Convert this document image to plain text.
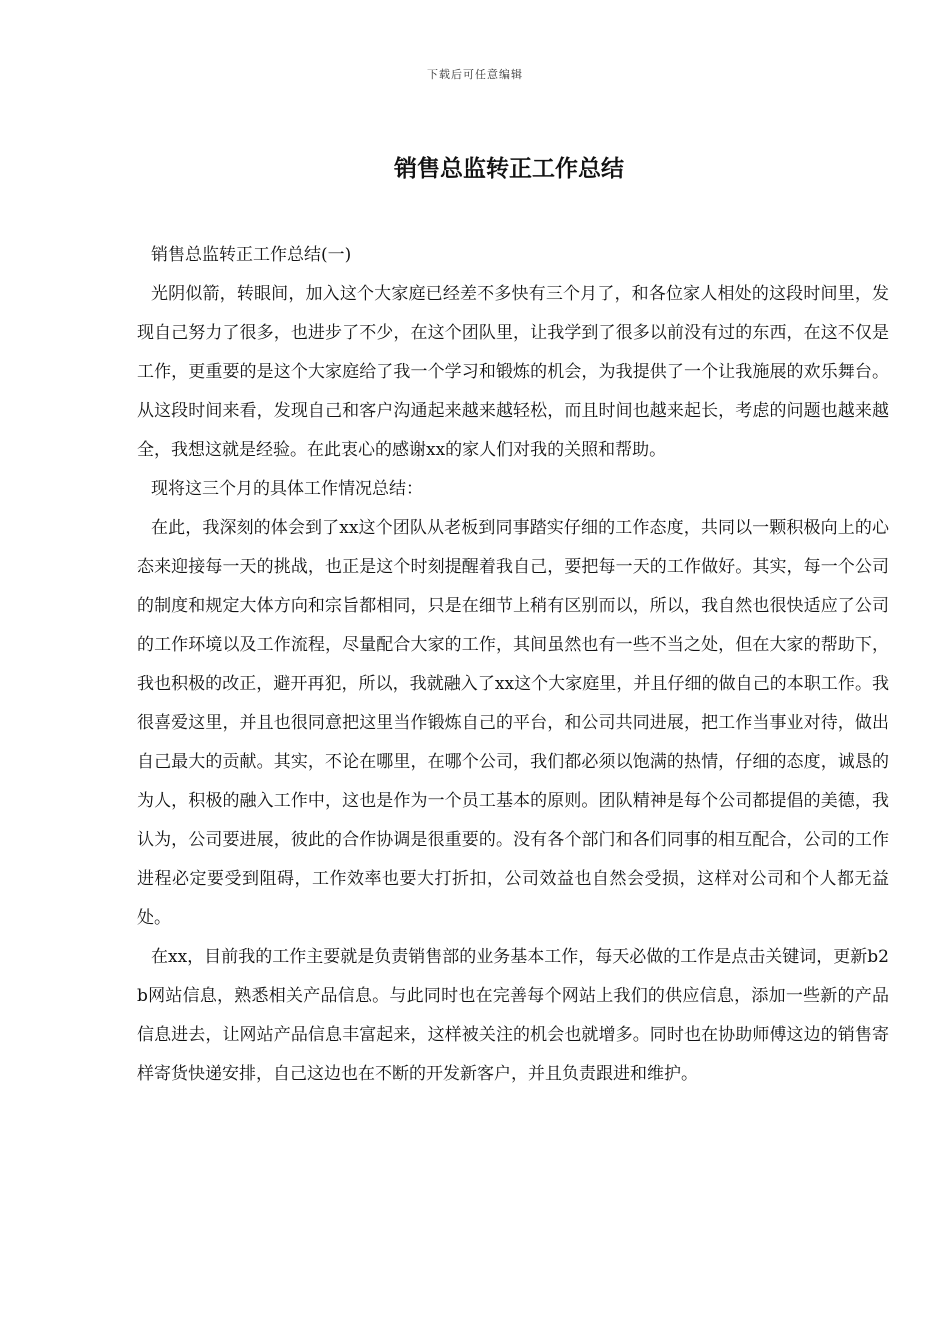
下载后可任意编辑
销售总监转正工作总结

销售总监转正工作总结(一)

光阴似箭，转眼间，加入这个大家庭已经差不多快有三个月了，和各位家人相处的这段时间里，发现自己努力了很多，也进步了不少，在这个团队里，让我学到了很多以前没有过的东西，在这不仅是工作，更重要的是这个大家庭给了我一个学习和锻炼的机会，为我提供了一个让我施展的欢乐舞台。从这段时间来看，发现自己和客户沟通起来越来越轻松，而且时间也越来起长，考虑的问题也越来越全，我想这就是经验。在此衷心的感谢xx的家人们对我的关照和帮助。

现将这三个月的具体工作情况总结：

在此，我深刻的体会到了xx这个团队从老板到同事踏实仔细的工作态度，共同以一颗积极向上的心态来迎接每一天的挑战，也正是这个时刻提醒着我自己，要把每一天的工作做好。其实，每一个公司的制度和规定大体方向和宗旨都相同，只是在细节上稍有区别而以，所以，我自然也很快适应了公司的工作环境以及工作流程，尽量配合大家的工作，其间虽然也有一些不当之处，但在大家的帮助下，我也积极的改正，避开再犯，所以，我就融入了xx这个大家庭里，并且仔细的做自己的本职工作。我很喜爱这里，并且也很同意把这里当作锻炼自己的平台，和公司共同进展，把工作当事业对待，做出自己最大的贡献。其实，不论在哪里，在哪个公司，我们都必须以饱满的热情，仔细的态度，诚恳的为人，积极的融入工作中，这也是作为一个员工基本的原则。团队精神是每个公司都提倡的美德，我认为，公司要进展，彼此的合作协调是很重要的。没有各个部门和各们同事的相互配合，公司的工作进程必定要受到阻碍，工作效率也要大打折扣，公司效益也自然会受损，这样对公司和个人都无益处。

在xx，目前我的工作主要就是负责销售部的业务基本工作，每天必做的工作是点击关键词，更新b2b网站信息，熟悉相关产品信息。与此同时也在完善每个网站上我们的供应信息，添加一些新的产品信息进去，让网站产品信息丰富起来，这样被关注的机会也就增多。同时也在协助师傅这边的销售寄样寄货快递安排，自己这边也在不断的开发新客户，并且负责跟进和维护。
